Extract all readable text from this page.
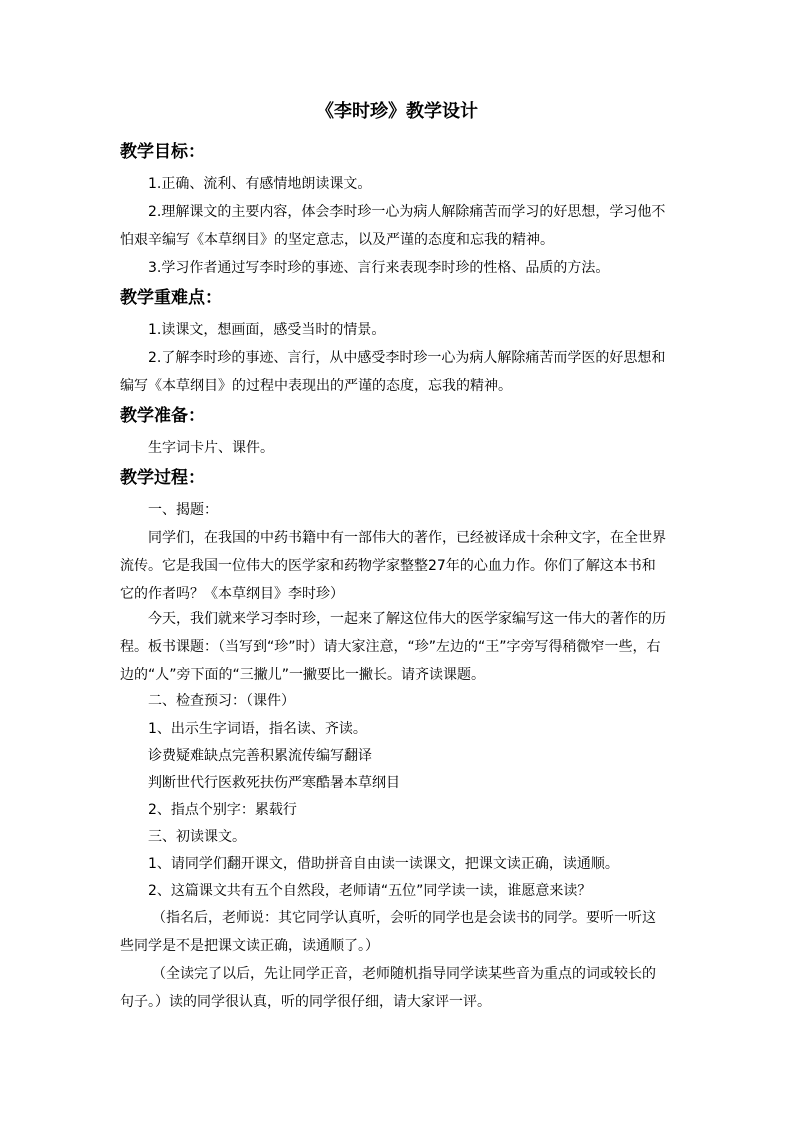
《李时珍》教学设计
教学目标：

1.正确、流利、有感情地朗读课文。

2.理解课文的主要内容，体会李时珍一心为病人解除痛苦而学习的好思想，学习他不怕艰辛编写《本草纲目》的坚定意志，以及严谨的态度和忘我的精神。

3.学习作者通过写李时珍的事迹、言行来表现李时珍的性格、品质的方法。

教学重难点：

1.读课文，想画面，感受当时的情景。

2.了解李时珍的事迹、言行，从中感受李时珍一心为病人解除痛苦而学医的好思想和编写《本草纲目》的过程中表现出的严谨的态度，忘我的精神。

教学准备：

生字词卡片、课件。

教学过程：

一、揭题：

同学们，在我国的中药书籍中有一部伟大的著作，已经被译成十余种文字，在全世界流传。它是我国一位伟大的医学家和药物学家整整27年的心血力作。你们了解这本书和它的作者吗？《本草纲目》李时珍）

今天，我们就来学习李时珍，一起来了解这位伟大的医学家编写这一伟大的著作的历程。 板书课题：（当写到“珍”时）请大家注意，“珍”左边的“王”字旁写得稍微窄一些，右边的“人”旁下面的“三撇儿”一撇要比一撇长。请齐读课题。

二、检查预习：（课件）

1、出示生字词语，指名读、齐读。

诊费疑难缺点完善积累流传编写翻译

判断世代行医救死扶伤严寒酷暑本草纲目

2、指点个别字：累载行

三、初读课文。

1、请同学们翻开课文，借助拼音自由读一读课文，把课文读正确，读通顺。

2、这篇课文共有五个自然段，老师请“五位”同学读一读，谁愿意来读？

（指名后，老师说：其它同学认真听，会听的同学也是会读书的同学。要听一听这些同学是不是把课文读正确，读通顺了。）

（全读完了以后，先让同学正音，老师随机指导同学读某些音为重点的词或较长的句子。）读的同学很认真，听的同学很仔细，请大家评一评。
